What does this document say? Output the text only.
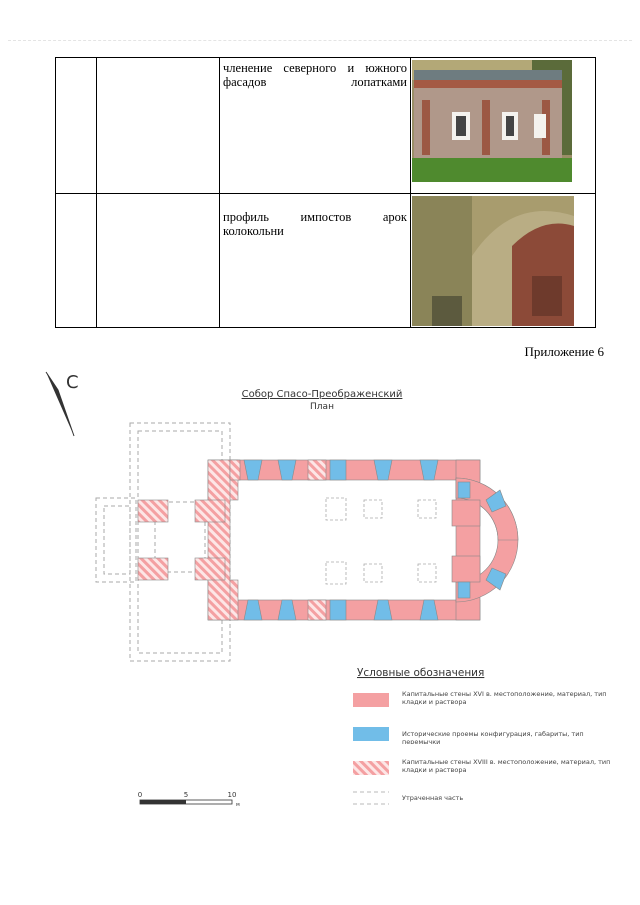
		членение северного и южного фасадов лопатками

		профиль импостов арок колокольни

Приложение 6
С
Собор Спасо-Преображенский
План
Условные обозначения
Капитальные стены XVI в. местоположение, материал, тип кладки и раствора
Исторические проемы конфигурация, габариты, тип перемычки
Капитальные стены XVIII в. местоположение, материал, тип кладки и раствора
Утраченная часть
0	5	10
м
